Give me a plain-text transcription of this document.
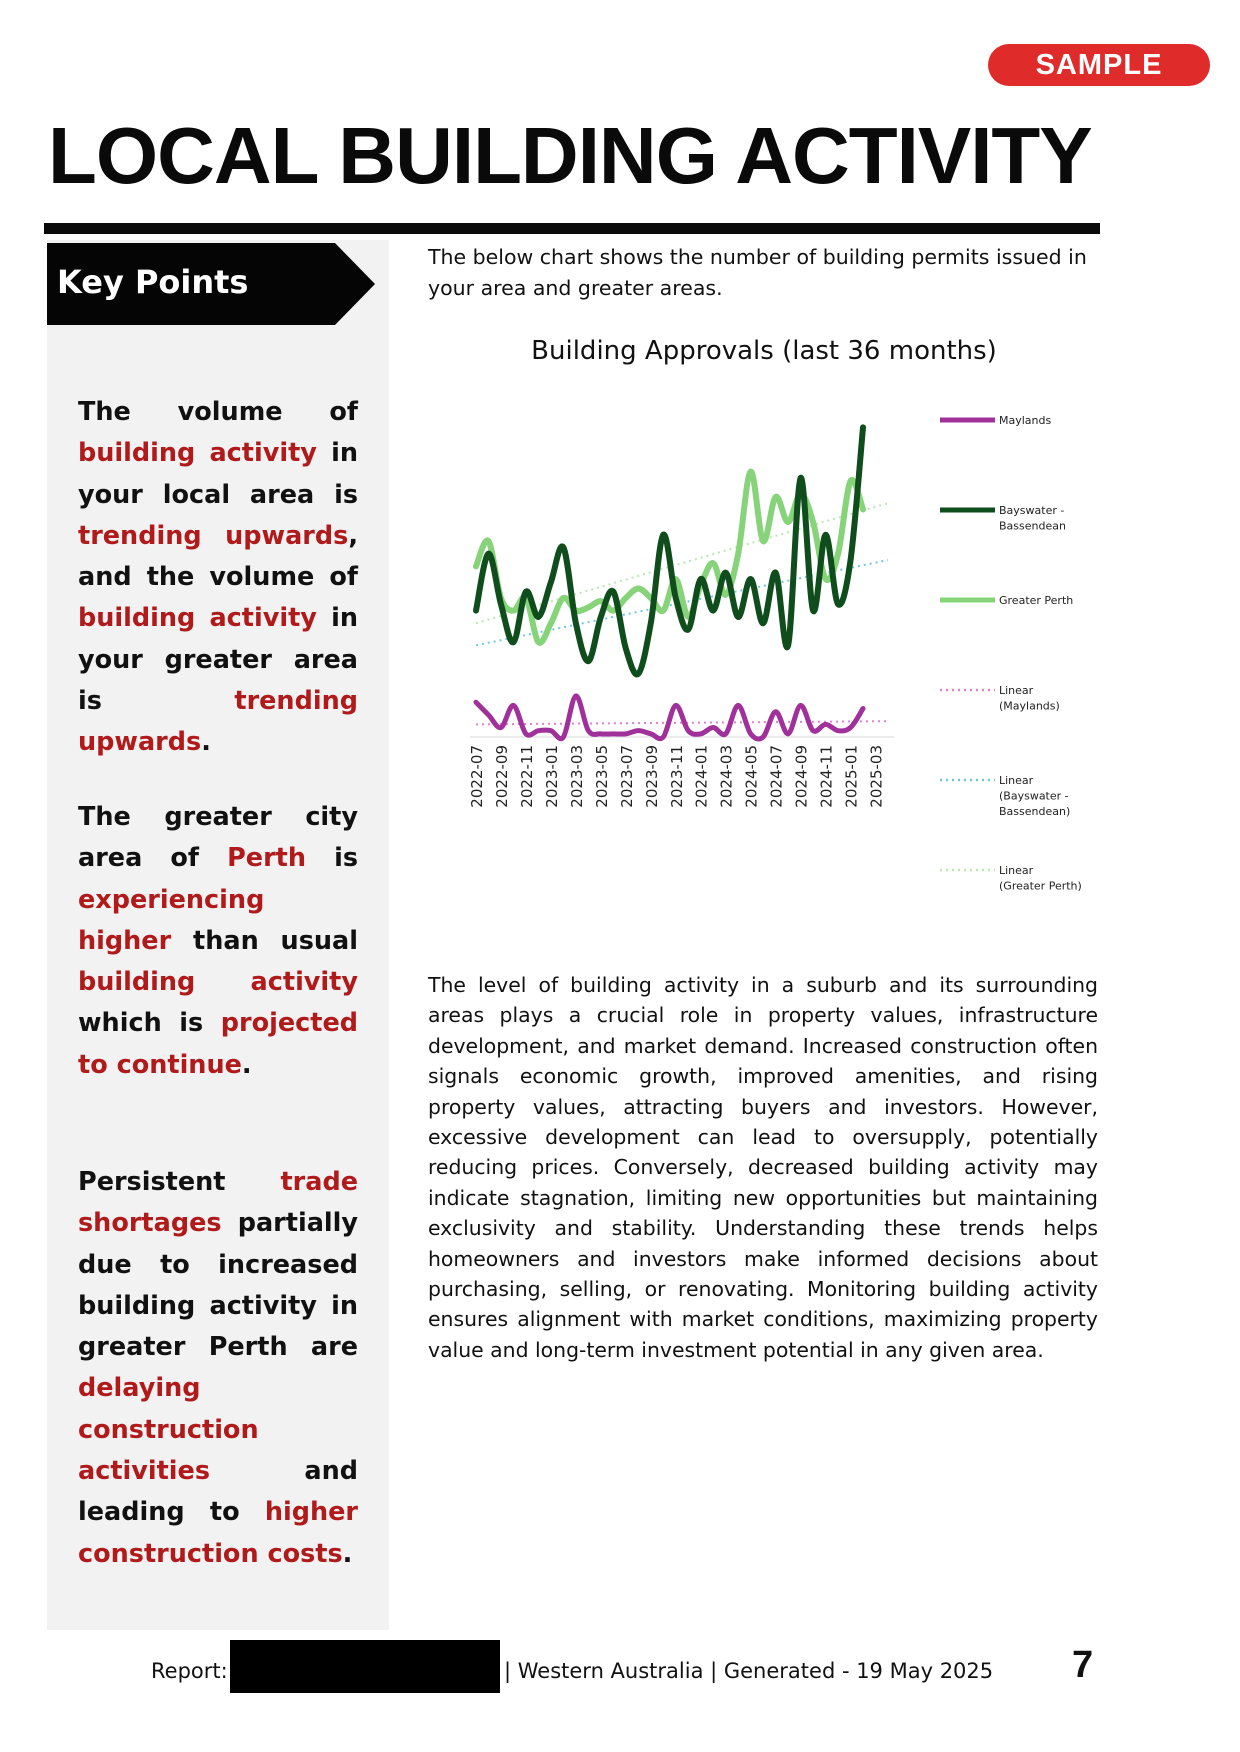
SAMPLE
LOCAL BUILDING ACTIVITY
Key Points
The volume of building activity in your local area is trending upwards, and the volume of building activity in your greater area is trending upwards.
The greater city area of Perth is experiencing higher than usual building activity which is projected to continue.
Persistent trade shortages partially due to increased building activity in greater Perth are delaying construction activities and leading to higher construction costs.

The below chart shows the number of building permits issued in your area and greater areas.

Building Approvals (last 36 months)
2022-07 2022-09 2022-11 2023-01 2023-03 2023-05 2023-07 2023-09 2023-11 2024-01 2024-03 2024-05 2024-07 2024-09 2024-11 2025-01 2025-03
Maylands
Bayswater -Bassendean
Greater Perth
Linear (Maylands)
Linear (Bayswater -Bassendean)
Linear (Greater Perth)

The level of building activity in a suburb and its surrounding areas plays a crucial role in property values, infrastructure development, and market demand. Increased construction often signals economic growth, improved amenities, and rising property values, attracting buyers and investors. However, excessive development can lead to oversupply, potentially reducing prices. Conversely, decreased building activity may indicate stagnation, limiting new opportunities but maintaining exclusivity and stability. Understanding these trends helps homeowners and investors make informed decisions about purchasing, selling, or renovating. Monitoring building activity ensures alignment with market conditions, maximizing property value and long-term investment potential in any given area.

Report:	| Western Australia | Generated - 19 May 2025 7
